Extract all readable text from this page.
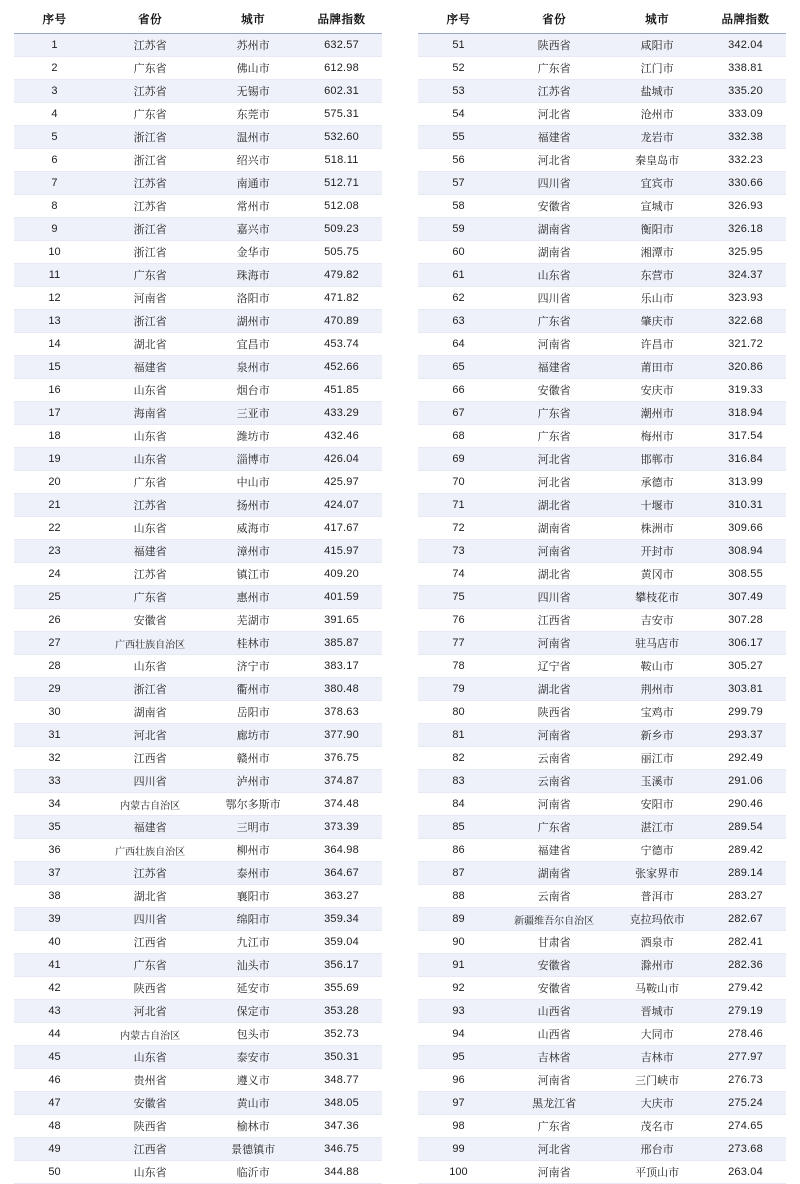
序号	省份	城市	品牌指数
1	江苏省	苏州市	632.57
2	广东省	佛山市	612.98
3	江苏省	无锡市	602.31
4	广东省	东莞市	575.31
5	浙江省	温州市	532.60
6	浙江省	绍兴市	518.11
7	江苏省	南通市	512.71
8	江苏省	常州市	512.08
9	浙江省	嘉兴市	509.23
10	浙江省	金华市	505.75
11	广东省	珠海市	479.82
12	河南省	洛阳市	471.82
13	浙江省	湖州市	470.89
14	湖北省	宜昌市	453.74
15	福建省	泉州市	452.66
16	山东省	烟台市	451.85
17	海南省	三亚市	433.29
18	山东省	潍坊市	432.46
19	山东省	淄博市	426.04
20	广东省	中山市	425.97
21	江苏省	扬州市	424.07
22	山东省	威海市	417.67
23	福建省	漳州市	415.97
24	江苏省	镇江市	409.20
25	广东省	惠州市	401.59
26	安徽省	芜湖市	391.65
27	广西壮族自治区	桂林市	385.87
28	山东省	济宁市	383.17
29	浙江省	衢州市	380.48
30	湖南省	岳阳市	378.63
31	河北省	廊坊市	377.90
32	江西省	赣州市	376.75
33	四川省	泸州市	374.87
34	内蒙古自治区	鄂尔多斯市	374.48
35	福建省	三明市	373.39
36	广西壮族自治区	柳州市	364.98
37	江苏省	泰州市	364.67
38	湖北省	襄阳市	363.27
39	四川省	绵阳市	359.34
40	江西省	九江市	359.04
41	广东省	汕头市	356.17
42	陕西省	延安市	355.69
43	河北省	保定市	353.28
44	内蒙古自治区	包头市	352.73
45	山东省	泰安市	350.31
46	贵州省	遵义市	348.77
47	安徽省	黄山市	348.05
48	陕西省	榆林市	347.36
49	江西省	景德镇市	346.75
50	山东省	临沂市	344.88
序号	省份	城市	品牌指数
51	陕西省	咸阳市	342.04
52	广东省	江门市	338.81
53	江苏省	盐城市	335.20
54	河北省	沧州市	333.09
55	福建省	龙岩市	332.38
56	河北省	秦皇岛市	332.23
57	四川省	宜宾市	330.66
58	安徽省	宣城市	326.93
59	湖南省	衡阳市	326.18
60	湖南省	湘潭市	325.95
61	山东省	东营市	324.37
62	四川省	乐山市	323.93
63	广东省	肇庆市	322.68
64	河南省	许昌市	321.72
65	福建省	莆田市	320.86
66	安徽省	安庆市	319.33
67	广东省	潮州市	318.94
68	广东省	梅州市	317.54
69	河北省	邯郸市	316.84
70	河北省	承德市	313.99
71	湖北省	十堰市	310.31
72	湖南省	株洲市	309.66
73	河南省	开封市	308.94
74	湖北省	黄冈市	308.55
75	四川省	攀枝花市	307.49
76	江西省	吉安市	307.28
77	河南省	驻马店市	306.17
78	辽宁省	鞍山市	305.27
79	湖北省	荆州市	303.81
80	陕西省	宝鸡市	299.79
81	河南省	新乡市	293.37
82	云南省	丽江市	292.49
83	云南省	玉溪市	291.06
84	河南省	安阳市	290.46
85	广东省	湛江市	289.54
86	福建省	宁德市	289.42
87	湖南省	张家界市	289.14
88	云南省	普洱市	283.27
89	新疆维吾尔自治区	克拉玛依市	282.67
90	甘肃省	酒泉市	282.41
91	安徽省	滁州市	282.36
92	安徽省	马鞍山市	279.42
93	山西省	晋城市	279.19
94	山西省	大同市	278.46
95	吉林省	吉林市	277.97
96	河南省	三门峡市	276.73
97	黑龙江省	大庆市	275.24
98	广东省	茂名市	274.65
99	河北省	邢台市	273.68
100	河南省	平顶山市	263.04
